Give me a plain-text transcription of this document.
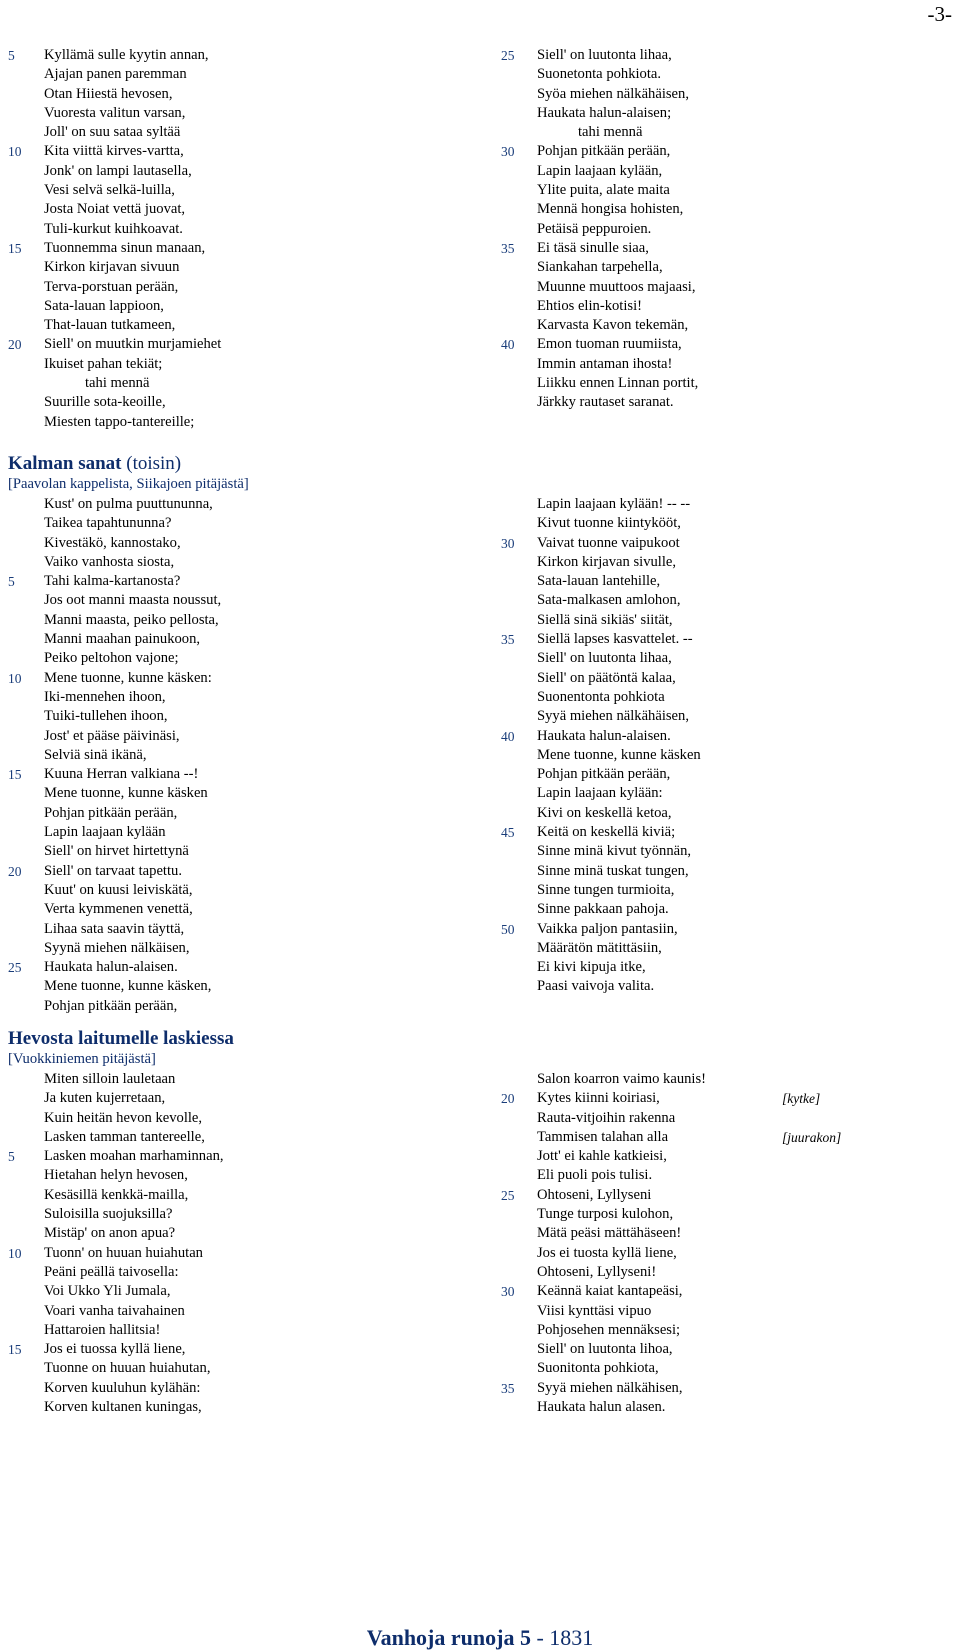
-3-
5 Kyllämä sulle kyytin annan,
Ajajan panen paremman
Otan Hiiestä hevosen,
Vuoresta valitun varsan,
Joll' on suu sataa syltää
10 Kita viittä kirves-vartta,
Jonk' on lampi lautasella,
Vesi selvä selkä-luilla,
Josta Noiat vettä juovat,
Tuli-kurkut kuihkoavat.
15 Tuonnemma sinun manaan,
Kirkon kirjavan sivuun
Terva-porstuan perään,
Sata-lauan lappioon,
That-lauan tutkameen,
20 Siell' on muutkin murjamiehet
Ikuiset pahan tekiät;
tahi mennä
Suurille sota-keoille,
Miesten tappo-tantereille;
25 Siell' on luutonta lihaa,
Suonetonta pohkiota.
Syöa miehen nälkähäisen,
Haukata halun-alaisen;
tahi mennä
30 Pohjan pitkään perään,
Lapin laajaan kylään,
Ylite puita, alate maita
Mennä hongisa hohisten,
Petäisä peppuroien.
35 Ei täsä sinulle siaa,
Siankahan tarpehella,
Muunne muuttoos majaasi,
Ehtios elin-kotisi!
Karvasta Kavon tekemän,
40 Emon tuoman ruumiista,
Immin antaman ihosta!
Liikku ennen Linnan portit,
Järkky rautaset saranat.
Kalman sanat (toisin)
[Paavolan kappelista, Siikajoen pitäjästä]
Kust' on pulma puuttununna,
Taikea tapahtununna?
Kivestäkö, kannostako,
Vaiko vanhosta siosta,
5 Tahi kalma-kartanosta?
Jos oot manni maasta noussut,
Manni maasta, peiko pellosta,
Manni maahan painukoon,
Peiko peltohon vajone;
10 Mene tuonne, kunne käsken:
Iki-mennehen ihoon,
Tuiki-tullehen ihoon,
Jost' et pääse päivinäsi,
Selviä sinä ikänä,
15 Kuuna Herran valkiana --!
Mene tuonne, kunne käsken
Pohjan pitkään perään,
Lapin laajaan kylään
Siell' on hirvet hirtettynä
20 Siell' on tarvaat tapettu.
Kuut' on kuusi leiviskätä,
Verta kymmenen venettä,
Lihaa sata saavin täyttä,
Syynä miehen nälkäisen,
25 Haukata halun-alaisen.
Mene tuonne, kunne käsken,
Pohjan pitkään perään,
Lapin laajaan kylään! -- --
Kivut tuonne kiintykööt,
30 Vaivat tuonne vaipukoot
Kirkon kirjavan sivulle,
Sata-lauan lantehille,
Sata-malkasen amlohon,
Siellä sinä sikiäs' siität,
35 Siellä lapses kasvattelet. --
Siell' on luutonta lihaa,
Siell' on päätöntä kalaa,
Suonentonta pohkiota
Syyä miehen nälkähäisen,
40 Haukata halun-alaisen.
Mene tuonne, kunne käsken
Pohjan pitkään perään,
Lapin laajaan kylään:
Kivi on keskellä ketoa,
45 Keitä on keskellä kiviä;
Sinne minä kivut työnnän,
Sinne minä tuskat tungen,
Sinne tungen turmioita,
Sinne pakkaan pahoja.
50 Vaikka paljon pantasiin,
Määrätön mätittäsiin,
Ei kivi kipuja itke,
Paasi vaivoja valita.
Hevosta laitumelle laskiessa
[Vuokkiniemen pitäjästä]
Miten silloin lauletaan
Ja kuten kujerretaan,
Kuin heitän hevon kevolle,
Lasken tamman tantereelle,
5 Lasken moahan marhaminnan,
Hietahan helyn hevosen,
Kesäsillä kenkkä-mailla,
Suloisilla suojuksilla?
Mistäp' on anon apua?
10 Tuonn' on huuan huiahutan
Peäni peällä taivosella:
Voi Ukko Yli Jumala,
Voari vanha taivahainen
Hattaroien hallitsia!
15 Jos ei tuossa kyllä liene,
Tuonne on huuan huiahutan,
Korven kuuluhun kylähän:
Korven kultanen kuningas,
Salon koarron vaimo kaunis!
20 Kytes kiinni koiriasi,	[kytke]
Rauta-vitjoihin rakenna
Tammisen talahan alla	[juurakon]
Jott' ei kahle katkieisi,
Eli puoli pois tulisi.
25 Ohtoseni, Lyllyseni
Tunge turposi kulohon,
Mätä peäsi mättähäseen!
Jos ei tuosta kyllä liene,
Ohtoseni, Lyllyseni!
30 Keännä kaiat kantapeäsi,
Viisi kynttäsi vipuo
Pohjosehen mennäksesi;
Siell' on luutonta lihoa,
Suonitonta pohkiota,
35 Syyä miehen nälkähisen,
Haukata halun alasen.
Vanhoja runoja 5 - 1831
